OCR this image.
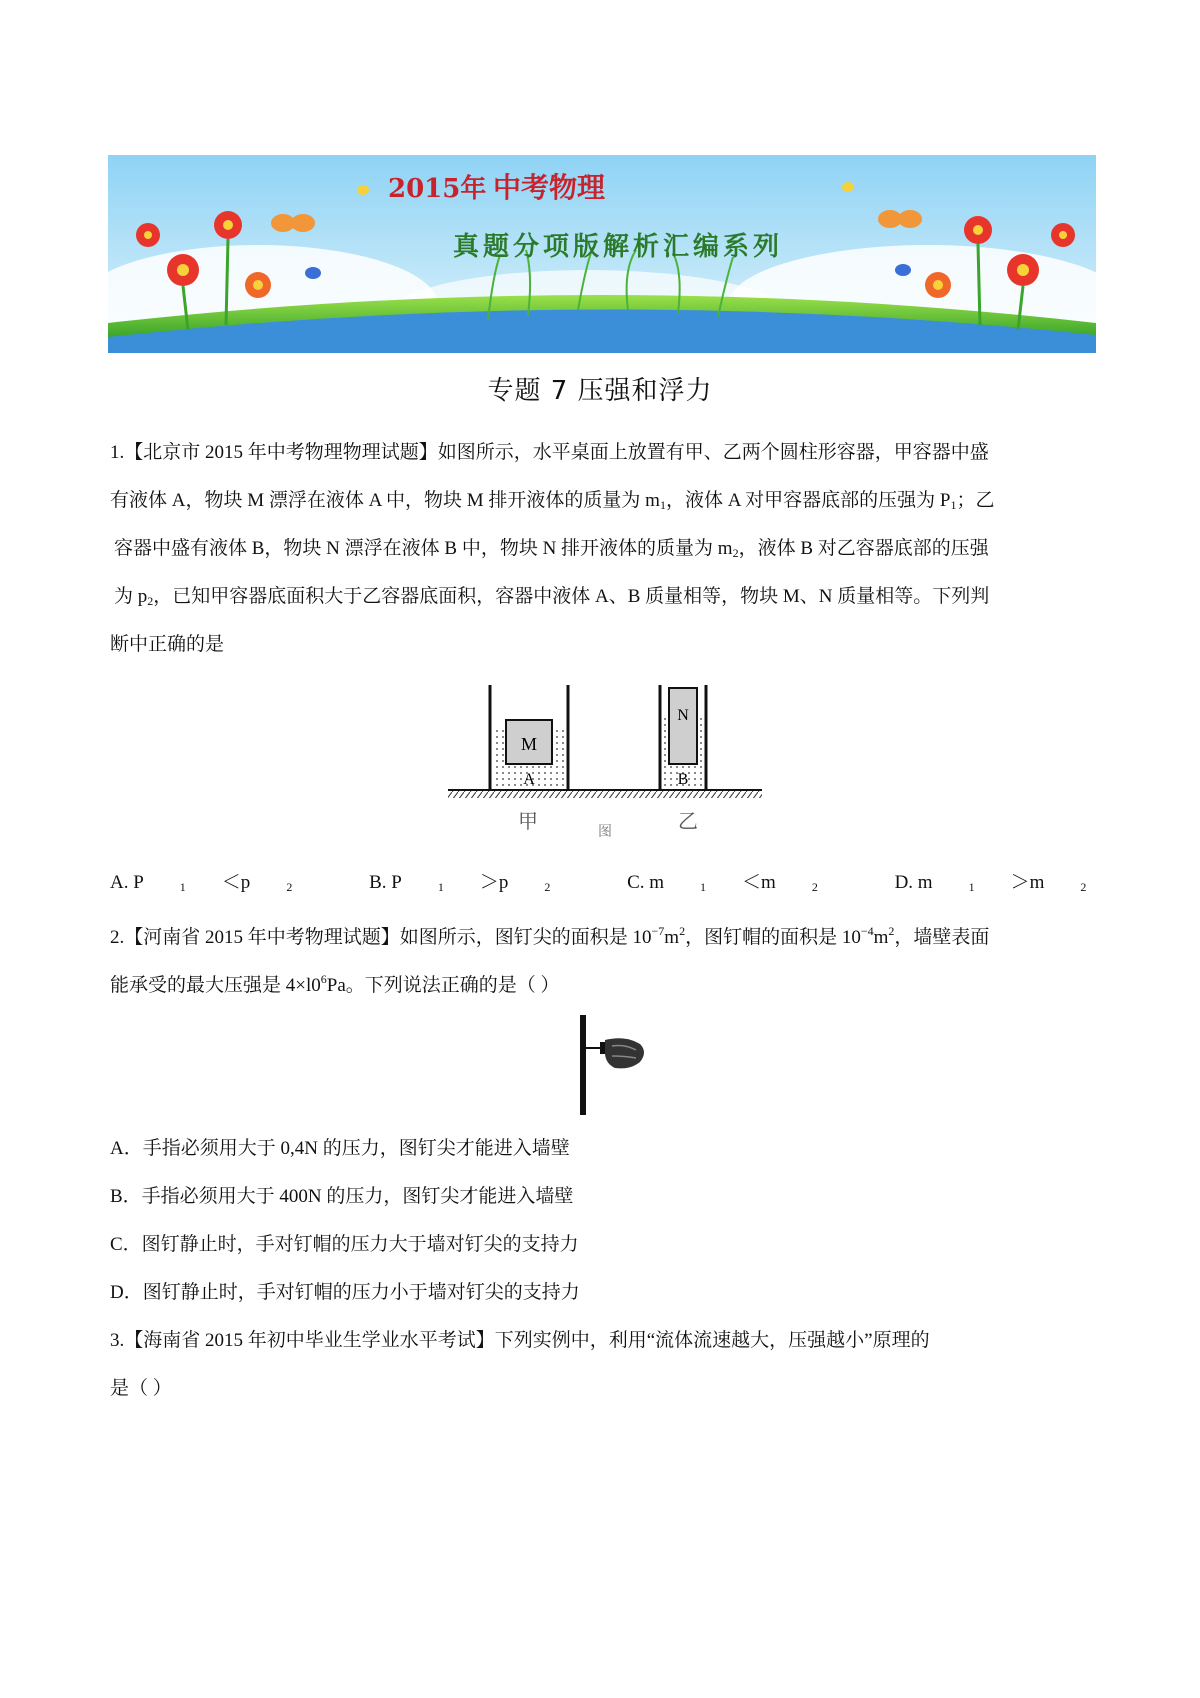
2015年 中考物理
真题分项版解析汇编系列
专题 7 压强和浮力
1.【北京市 2015 年中考物理物理试题】如图所示，水平桌面上放置有甲、乙两个圆柱形容器，甲容器中盛
有液体 A，物块 M 漂浮在液体 A 中，物块 M 排开液体的质量为 $m_1$，液体 A 对甲容器底部的压强为 $P_1$；乙
容器中盛有液体 B，物块 N 漂浮在液体 B 中，物块 N 排开液体的质量为 $m_2$，液体 B 对乙容器底部的压强
为 $p_2$，已知甲容器底面积大于乙容器底面积，容器中液体 A、B 质量相等，物块 M、N 质量相等。下列判
断中正确的是
M
A
N
B
甲	图	乙
A. P	$_1$ ＜p	$_2$	B. P	$_1$ ＞p	$_2$	C. m	$_1$ ＜m	$_2$	D. m	$_1$ ＞m	$_2$
2.【河南省 2015 年中考物理试题】如图所示，图钉尖的面积是 $10^{-7}m^2$，图钉帽的面积是 $10^{-4}m^2$，墙壁表面
能承受的最大压强是 $4\times l0^6Pa$。下列说法正确的是（ ）
A．手指必须用大于 0,4N 的压力，图钉尖才能进入墙壁
B．手指必须用大于 400N 的压力，图钉尖才能进入墙壁
C．图钉静止时，手对钉帽的压力大于墙对钉尖的支持力
D．图钉静止时，手对钉帽的压力小于墙对钉尖的支持力
3.【海南省 2015 年初中毕业生学业水平考试】下列实例中，利用“流体流速越大，压强越小”原理的
是（ ）
